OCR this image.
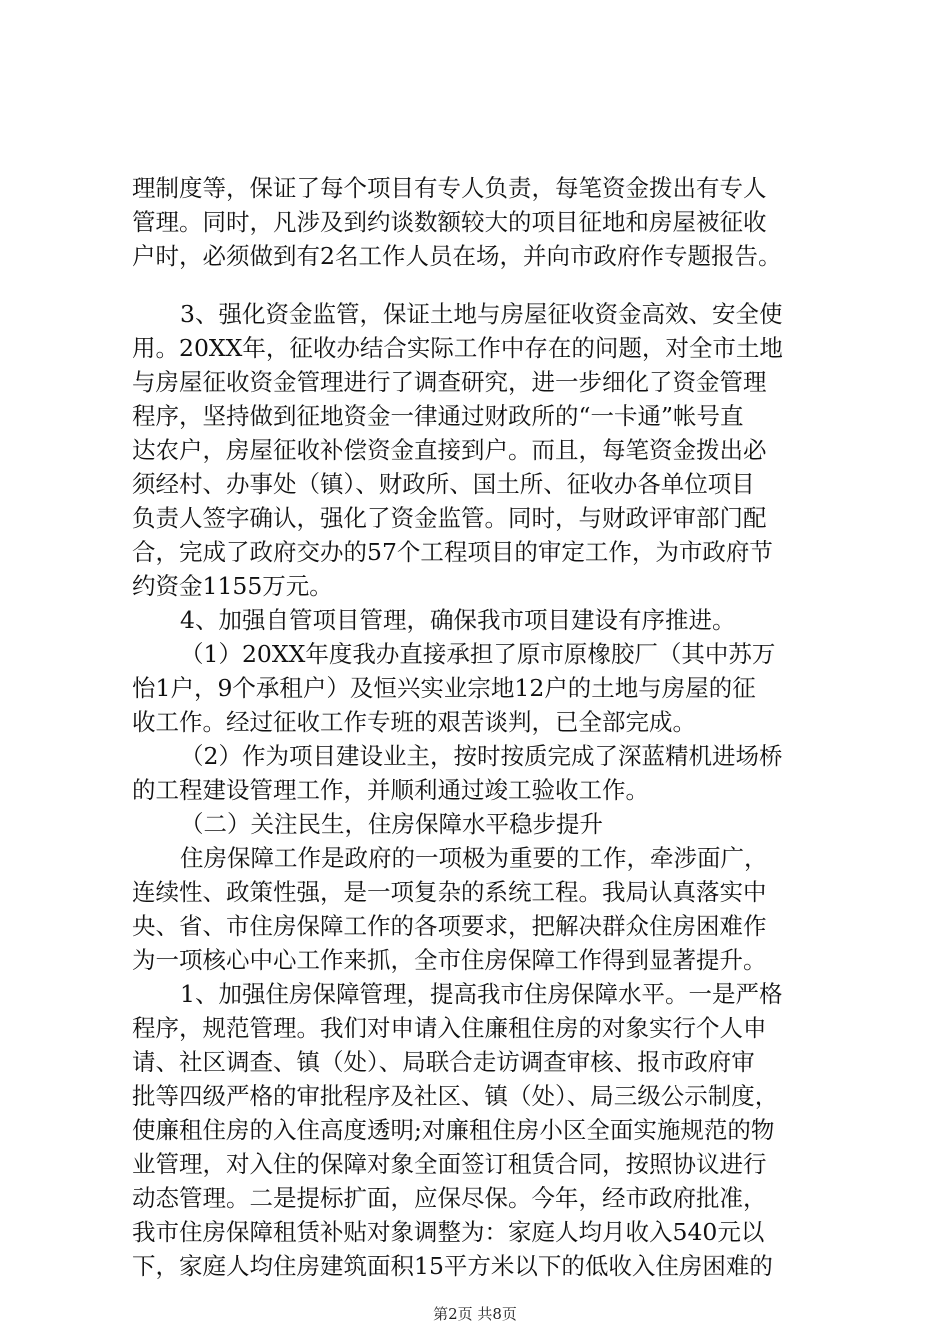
理制度等，保证了每个项目有专人负责，每笔资金拨出有专人
管理。同时，凡涉及到约谈数额较大的项目征地和房屋被征收
户时，必须做到有2名工作人员在场，并向市政府作专题报告。
3、强化资金监管，保证土地与房屋征收资金高效、安全使
用。20XX年，征收办结合实际工作中存在的问题，对全市土地
与房屋征收资金管理进行了调查研究，进一步细化了资金管理
程序，坚持做到征地资金一律通过财政所的“一卡通”帐号直
达农户，房屋征收补偿资金直接到户。而且，每笔资金拨出必
须经村、办事处（镇）、财政所、国土所、征收办各单位项目
负责人签字确认，强化了资金监管。同时，与财政评审部门配
合，完成了政府交办的57个工程项目的审定工作，为市政府节
约资金1155万元。
4、加强自管项目管理，确保我市项目建设有序推进。
（1）20XX年度我办直接承担了原市原橡胶厂（其中苏万
怡1户，9个承租户）及恒兴实业宗地12户的土地与房屋的征
收工作。经过征收工作专班的艰苦谈判，已全部完成。
（2）作为项目建设业主，按时按质完成了深蓝精机进场桥
的工程建设管理工作，并顺利通过竣工验收工作。
（二）关注民生，住房保障水平稳步提升
住房保障工作是政府的一项极为重要的工作，牵涉面广，
连续性、政策性强，是一项复杂的系统工程。我局认真落实中
央、省、市住房保障工作的各项要求，把解决群众住房困难作
为一项核心中心工作来抓，全市住房保障工作得到显著提升。
1、加强住房保障管理，提高我市住房保障水平。一是严格
程序，规范管理。我们对申请入住廉租住房的对象实行个人申
请、社区调查、镇（处）、局联合走访调查审核、报市政府审
批等四级严格的审批程序及社区、镇（处）、局三级公示制度，
使廉租住房的入住高度透明;对廉租住房小区全面实施规范的物
业管理，对入住的保障对象全面签订租赁合同，按照协议进行
动态管理。二是提标扩面，应保尽保。今年，经市政府批准，
我市住房保障租赁补贴对象调整为：家庭人均月收入540元以
下，家庭人均住房建筑面积15平方米以下的低收入住房困难的
第2页 共8页
